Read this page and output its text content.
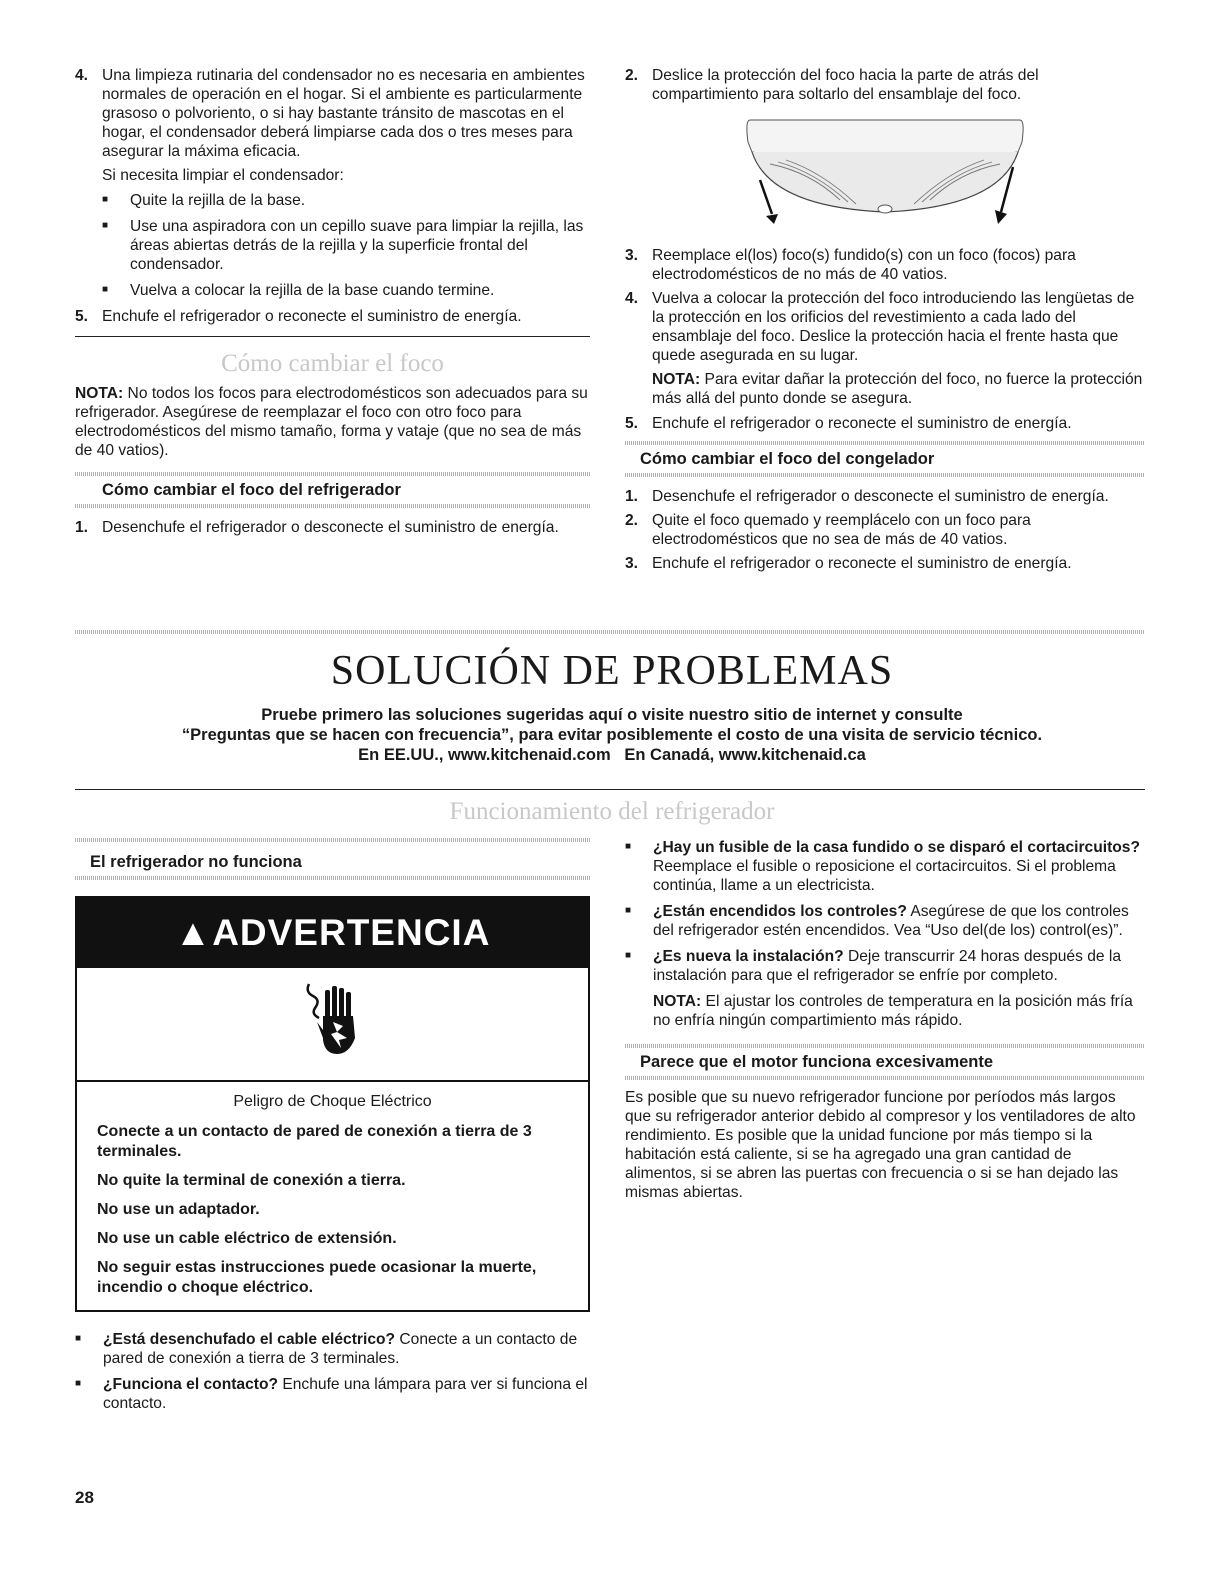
4. Una limpieza rutinaria del condensador no es necesaria en ambientes normales de operación en el hogar. Si el ambiente es particularmente grasoso o polvoriento, o si hay bastante tránsito de mascotas en el hogar, el condensador deberá limpiarse cada dos o tres meses para asegurar la máxima eficacia.
Si necesita limpiar el condensador:
■	Quite la rejilla de la base.
■	Use una aspiradora con un cepillo suave para limpiar la rejilla, las áreas abiertas detrás de la rejilla y la superficie frontal del condensador.
■	Vuelva a colocar la rejilla de la base cuando termine.
5. Enchufe el refrigerador o reconecte el suministro de energía.
Cómo cambiar el foco

NOTA: No todos los focos para electrodomésticos son adecuados para su refrigerador. Asegúrese de reemplazar el foco con otro foco para electrodomésticos del mismo tamaño, forma y vataje (que no sea de más de 40 vatios).

Cómo cambiar el foco del refrigerador
1. Desenchufe el refrigerador o desconecte el suministro de energía.
2. Deslice la protección del foco hacia la parte de atrás del compartimiento para soltarlo del ensamblaje del foco.
3. Reemplace el(los) foco(s) fundido(s) con un foco (focos) para electrodomésticos de no más de 40 vatios.
4. Vuelva a colocar la protección del foco introduciendo las lengüetas de la protección en los orificios del revestimiento a cada lado del ensamblaje del foco. Deslice la protección hacia el frente hasta que quede asegurada en su lugar.

NOTA: Para evitar dañar la protección del foco, no fuerce la protección más allá del punto donde se asegura.

5. Enchufe el refrigerador o reconecte el suministro de energía.
Cómo cambiar el foco del congelador
1. Desenchufe el refrigerador o desconecte el suministro de energía.
2. Quite el foco quemado y reemplácelo con un foco para electrodomésticos que no sea de más de 40 vatios.
3. Enchufe el refrigerador o reconecte el suministro de energía.
SOLUCIÓN DE PROBLEMAS
Pruebe primero las soluciones sugeridas aquí o visite nuestro sitio de internet y consulte
“Preguntas que se hacen con frecuencia”, para evitar posiblemente el costo de una visita de servicio técnico.
En EE.UU., www.kitchenaid.com   En Canadá, www.kitchenaid.ca
Funcionamiento del refrigerador
El refrigerador no funciona
▲ADVERTENCIA
Peligro de Choque Eléctrico

Conecte a un contacto de pared de conexión a tierra de 3 terminales.

No quite la terminal de conexión a tierra.

No use un adaptador.

No use un cable eléctrico de extensión.

No seguir estas instrucciones puede ocasionar la muerte, incendio o choque eléctrico.

■	¿Está desenchufado el cable eléctrico? Conecte a un contacto de pared de conexión a tierra de 3 terminales.
■	¿Funciona el contacto? Enchufe una lámpara para ver si funciona el contacto.
■	¿Hay un fusible de la casa fundido o se disparó el cortacircuitos? Reemplace el fusible o reposicione el cortacircuitos. Si el problema continúa, llame a un electricista.
■	¿Están encendidos los controles? Asegúrese de que los controles del refrigerador estén encendidos. Vea “Uso del(de los) control(es)”.
■	¿Es nueva la instalación? Deje transcurrir 24 horas después de la instalación para que el refrigerador se enfríe por completo.

NOTA: El ajustar los controles de temperatura en la posición más fría no enfría ningún compartimiento más rápido.

Parece que el motor funciona excesivamente

Es posible que su nuevo refrigerador funcione por períodos más largos que su refrigerador anterior debido al compresor y los ventiladores de alto rendimiento. Es posible que la unidad funcione por más tiempo si la habitación está caliente, si se ha agregado una gran cantidad de alimentos, si se abren las puertas con frecuencia o si se han dejado las mismas abiertas.

28
